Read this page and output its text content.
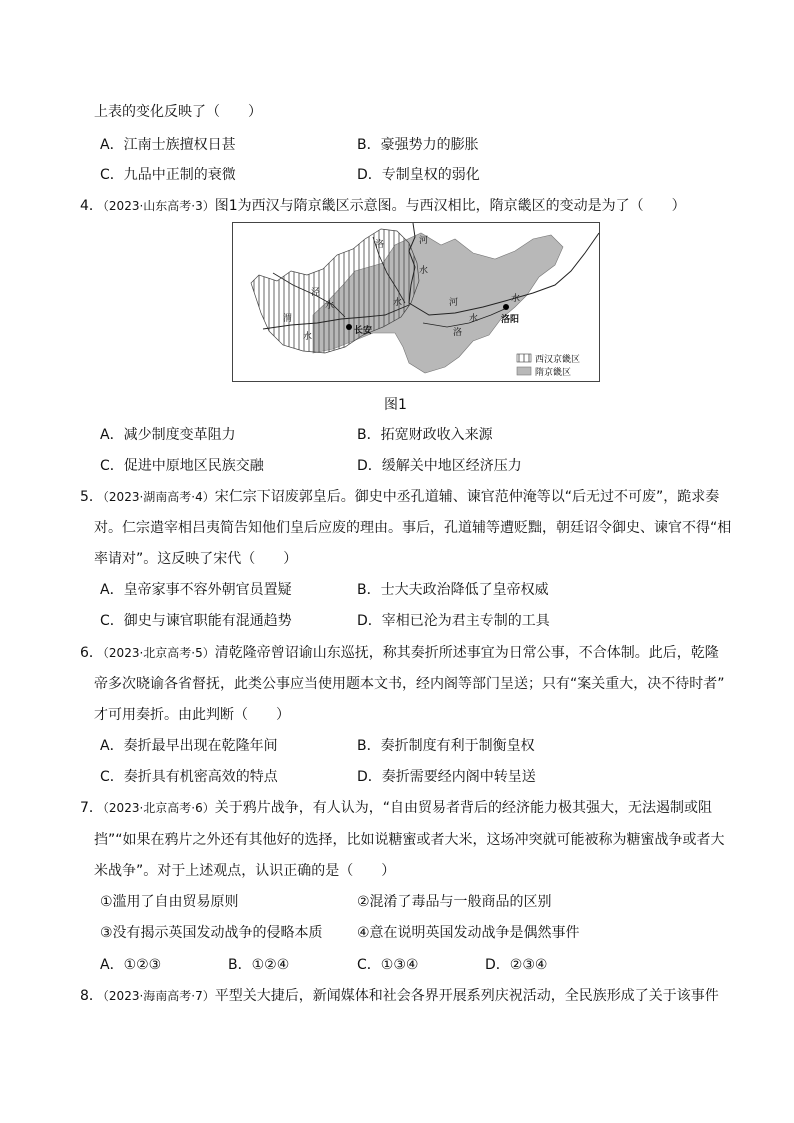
上表的变化反映了（　　）
A．江南士族擅权日甚	B．豪强势力的膨胀
C．九品中正制的衰微	D．专制皇权的弱化
4．（2023·山东高考·3）图1为西汉与隋京畿区示意图。与西汉相比，隋京畿区的变动是为了（　　）
长安
洛阳
河
洛
水
泾
水	水
渭
水
河	水
洛
水
西汉京畿区
隋京畿区
图1
A．减少制度变革阻力	B．拓宽财政收入来源
C．促进中原地区民族交融	D．缓解关中地区经济压力
5．（2023·湖南高考·4）宋仁宗下诏废郭皇后。御史中丞孔道辅、谏官范仲淹等以“后无过不可废”，跪求奏
对。仁宗遣宰相吕夷简告知他们皇后应废的理由。事后，孔道辅等遭贬黜，朝廷诏令御史、谏官不得“相
率请对”。这反映了宋代（　　）
A．皇帝家事不容外朝官员置疑	B．士大夫政治降低了皇帝权威
C．御史与谏官职能有混通趋势	D．宰相已沦为君主专制的工具
6．（2023·北京高考·5）清乾隆帝曾诏谕山东巡抚，称其奏折所述事宜为日常公事，不合体制。此后，乾隆
帝多次晓谕各省督抚，此类公事应当使用题本文书，经内阁等部门呈送；只有“案关重大，决不待时者”
才可用奏折。由此判断（　　）
A．奏折最早出现在乾隆年间	B．奏折制度有利于制衡皇权
C．奏折具有机密高效的特点	D．奏折需要经内阁中转呈送
7．（2023·北京高考·6）关于鸦片战争，有人认为，“自由贸易者背后的经济能力极其强大，无法遏制或阻
挡”“如果在鸦片之外还有其他好的选择，比如说糖蜜或者大米，这场冲突就可能被称为糖蜜战争或者大
米战争”。对于上述观点，认识正确的是（　　）
①滥用了自由贸易原则	②混淆了毒品与一般商品的区别
③没有揭示英国发动战争的侵略本质 ④意在说明英国发动战争是偶然事件
A．①②③	B．①②④	C．①③④	D．②③④
8．（2023·海南高考·7）平型关大捷后，新闻媒体和社会各界开展系列庆祝活动，全民族形成了关于该事件
